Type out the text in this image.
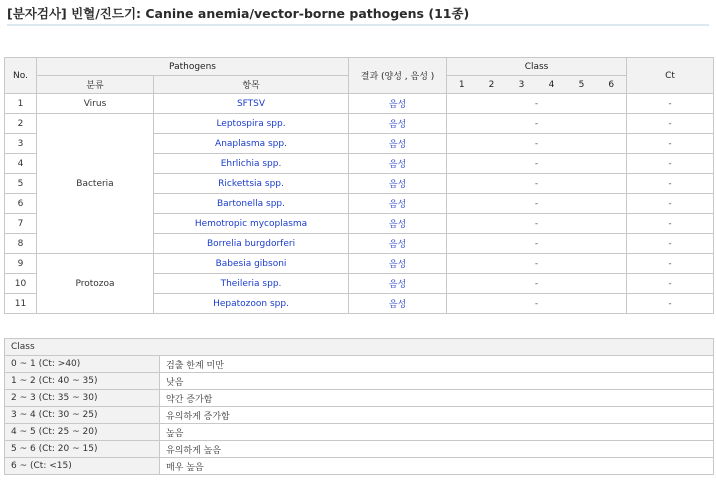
[분자검사] 빈혈/진드기: Canine anemia/vector-borne pathogens (11종)
No.	Pathogens		결과 (양성 , 음성 )	Class						Ct
	분류	항목		1	2	3	4	5	6	
1	Virus	SFTSV	음성	-						-
2	Bacteria	Leptospira spp.	음성	-						-
3		Anaplasma spp.	음성	-						-
4		Ehrlichia spp.	음성	-						-
5		Rickettsia spp.	음성	-						-
6		Bartonella spp.	음성	-						-
7		Hemotropic mycoplasma	음성	-						-
8		Borrelia burgdorferi	음성	-						-
9	Protozoa	Babesia gibsoni	음성	-						-
10		Theileria spp.	음성	-						-
11		Hepatozoon spp.	음성	-						-
Class	
0 ~ 1 (Ct: >40)	검출 한계 미만
1 ~ 2 (Ct: 40 ~ 35)	낮음
2 ~ 3 (Ct: 35 ~ 30)	약간 증가함
3 ~ 4 (Ct: 30 ~ 25)	유의하게 증가함
4 ~ 5 (Ct: 25 ~ 20)	높음
5 ~ 6 (Ct: 20 ~ 15)	유의하게 높음
6 ~ (Ct: <15)	매우 높음
